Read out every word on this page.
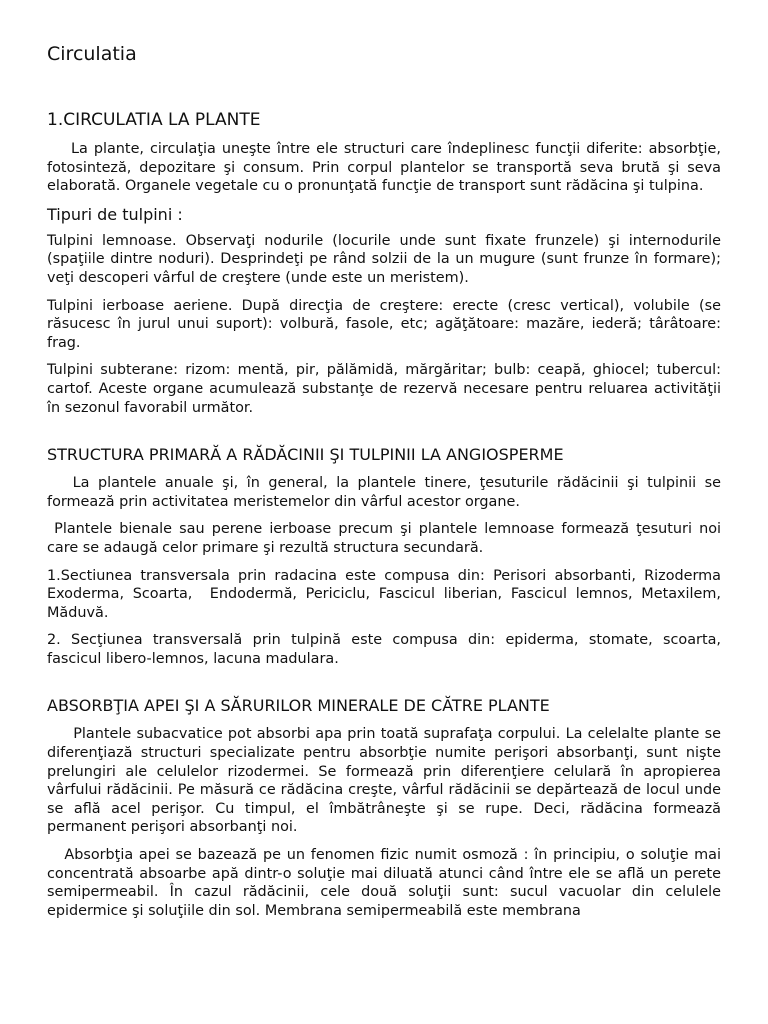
Circulatia
1.CIRCULATIA LA PLANTE

La plante, circulaţia uneşte între ele structuri care îndeplinesc funcţii diferite: absorbţie, fotosinteză, depozitare şi consum. Prin corpul plantelor se transportă seva brută şi seva elaborată. Organele vegetale cu o pronunţată funcţie de transport sunt rădăcina şi tulpina.

Tipuri de tulpini :

Tulpini lemnoase. Observaţi nodurile (locurile unde sunt fixate frunzele) şi internodurile (spaţiile dintre noduri). Desprindeţi pe rând solzii de la un mugure (sunt frunze în formare); veţi descoperi vârful de creştere (unde este un meristem).

Tulpini ierboase aeriene. După direcţia de creştere: erecte (cresc vertical), volubile (se răsucesc în jurul unui suport): volbură, fasole, etc; agăţătoare: mazăre, iederă; târâtoare: frag.

Tulpini subterane: rizom: mentă, pir, pălămidă, mărgăritar; bulb: ceapă, ghiocel; tubercul: cartof. Aceste organe acumulează substanţe de rezervă necesare pentru reluarea activităţii în sezonul favorabil următor.

STRUCTURA PRIMARĂ A RĂDĂCINII ŞI TULPINII LA ANGIOSPERME

La plantele anuale şi, în general, la plantele tinere, ţesuturile rădăcinii şi tulpinii se formează prin activitatea meristemelor din vârful acestor organe.

Plantele bienale sau perene ierboase precum şi plantele lemnoase formează ţesuturi noi care se adaugă celor primare şi rezultă structura secundară.

1.Sectiunea transversala prin radacina este compusa din: Perisori absorbanti, Rizoderma Exoderma, Scoarta,  Endodermă, Periciclu, Fascicul liberian, Fascicul lemnos, Metaxilem, Măduvă.

2. Secţiunea transversală prin tulpină este compusa din: epiderma, stomate, scoarta, fascicul libero-lemnos, lacuna madulara.

ABSORBŢIA APEI ŞI A SĂRURILOR MINERALE DE CĂTRE PLANTE

Plantele subacvatice pot absorbi apa prin toată suprafaţa corpului. La celelalte plante se diferenţiază structuri specializate pentru absorbţie numite perişori absorbanţi, sunt nişte prelungiri ale celulelor rizodermei. Se formează prin diferenţiere celulară în apropierea vârfului rădăcinii. Pe măsură ce rădăcina creşte, vârful rădăcinii se depărtează de locul unde se află acel perişor. Cu timpul, el îmbătrâneşte şi se rupe. Deci, rădăcina formează permanent perişori absorbanţi noi.

Absorbţia apei se bazează pe un fenomen fizic numit osmoză : în principiu, o soluţie mai concentrată absoarbe apă dintr-o soluţie mai diluată atunci când între ele se află un perete semipermeabil. În cazul rădăcinii, cele două soluţii sunt: sucul vacuolar din celulele epidermice şi soluţiile din sol. Membrana semipermeabilă este membrana
